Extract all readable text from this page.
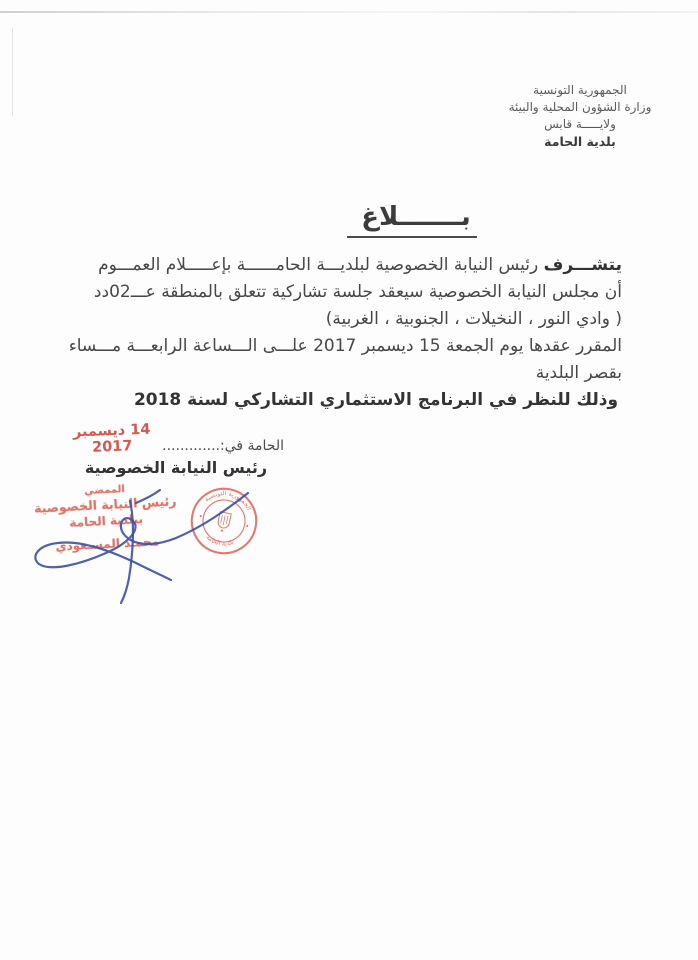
الجمهورية التونسية
وزارة الشؤون المحلية والبيئة
ولايـــــة قابس
بلدية الحامة
بـــــــلاغ
يتشـــرف رئيس النيابة الخصوصية لبلديـــة الحامــــــة بإعـــــلام العمـــوم
أن مجلس النيابة الخصوصية سيعقد جلسة تشاركية تتعلق بالمنطقة عـــ02دد
( وادي النور ، النخيلات ، الجنوبية ، الغربية)
المقرر عقدها يوم الجمعة 15 ديسمبر 2017 علـــى الـــساعة الرابعـــة مـــساء
بقصر البلدية
وذلك للنظر في البرنامج الاستثماري التشاركي لسنة 2018
14 ديسمبر 2017	الحامة في:.............
رئيس النيابة الخصوصية
الممضي
رئيس النيابة الخصوصية
ببلدية الحامة
محمـد المسـعودي
الجمهورية التونسية
بلدية الحامة
